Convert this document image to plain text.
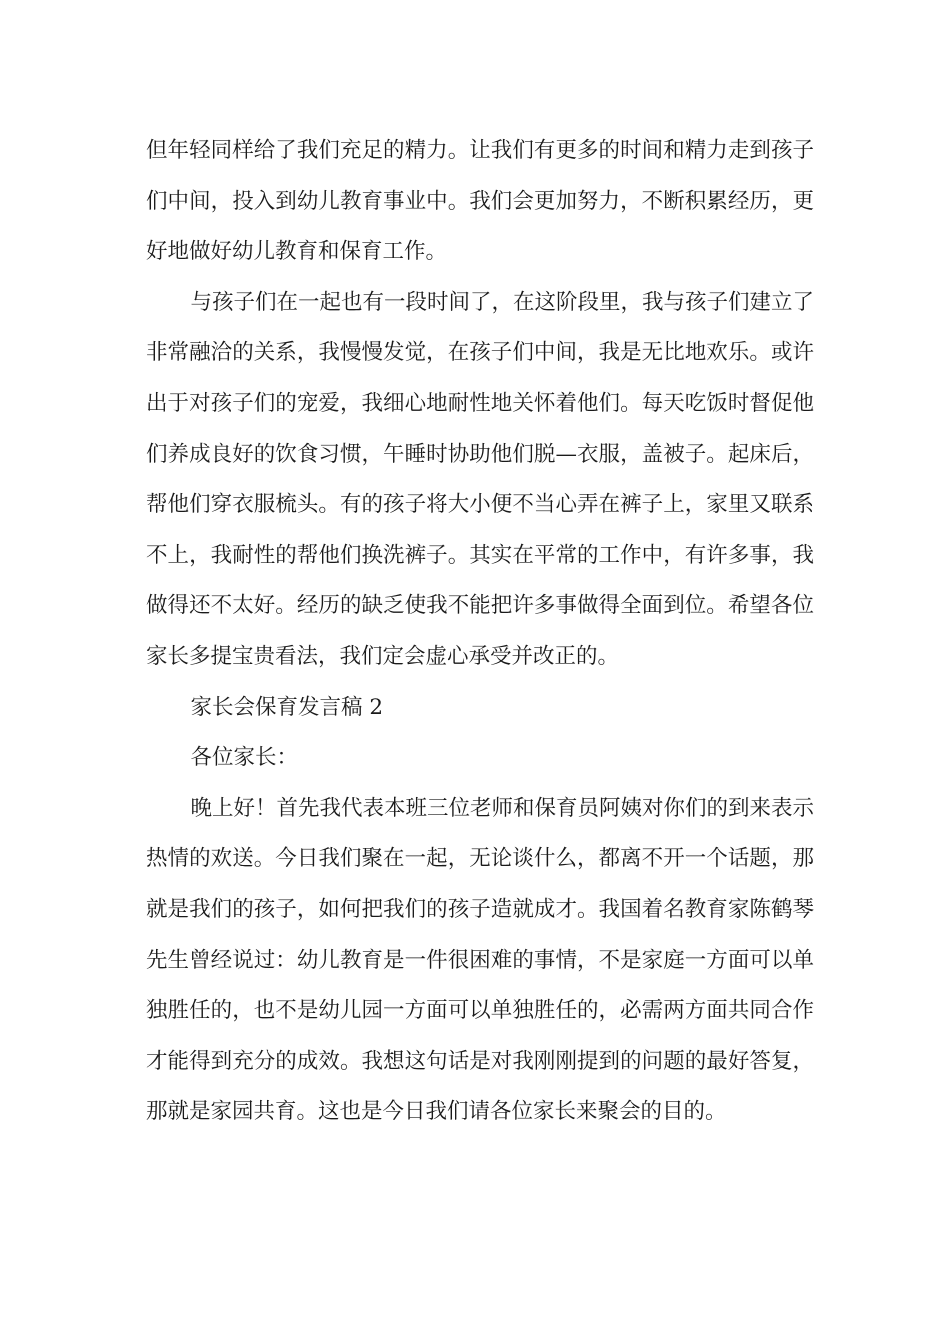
但年轻同样给了我们充足的精力。让我们有更多的时间和精力走到孩子们中间，投入到幼儿教育事业中。我们会更加努力，不断积累经历，更好地做好幼儿教育和保育工作。

与孩子们在一起也有一段时间了，在这阶段里，我与孩子们建立了非常融洽的关系，我慢慢发觉，在孩子们中间，我是无比地欢乐。或许出于对孩子们的宠爱，我细心地耐性地关怀着他们。每天吃饭时督促他们养成良好的饮食习惯，午睡时协助他们脱—衣服，盖被子。起床后，帮他们穿衣服梳头。有的孩子将大小便不当心弄在裤子上，家里又联系不上，我耐性的帮他们换洗裤子。其实在平常的工作中，有许多事，我做得还不太好。经历的缺乏使我不能把许多事做得全面到位。希望各位家长多提宝贵看法，我们定会虚心承受并改正的。

家长会保育发言稿 2

各位家长：

晚上好！首先我代表本班三位老师和保育员阿姨对你们的到来表示热情的欢送。今日我们聚在一起，无论谈什么，都离不开一个话题，那就是我们的孩子，如何把我们的孩子造就成才。我国着名教育家陈鹤琴先生曾经说过：幼儿教育是一件很困难的事情，不是家庭一方面可以单独胜任的，也不是幼儿园一方面可以单独胜任的，必需两方面共同合作才能得到充分的成效。我想这句话是对我刚刚提到的问题的最好答复，那就是家园共育。这也是今日我们请各位家长来聚会的目的。
